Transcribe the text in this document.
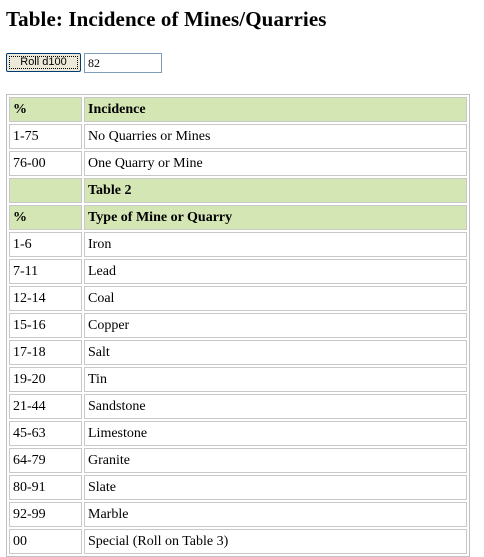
Table: Incidence of Mines/Quarries
Roll d100
82
%	Incidence
1-75	No Quarries or Mines
76-00	One Quarry or Mine
	Table 2
%	Type of Mine or Quarry
1-6	Iron
7-11	Lead
12-14	Coal
15-16	Copper
17-18	Salt
19-20	Tin
21-44	Sandstone
45-63	Limestone
64-79	Granite
80-91	Slate
92-99	Marble
00	Special (Roll on Table 3)
